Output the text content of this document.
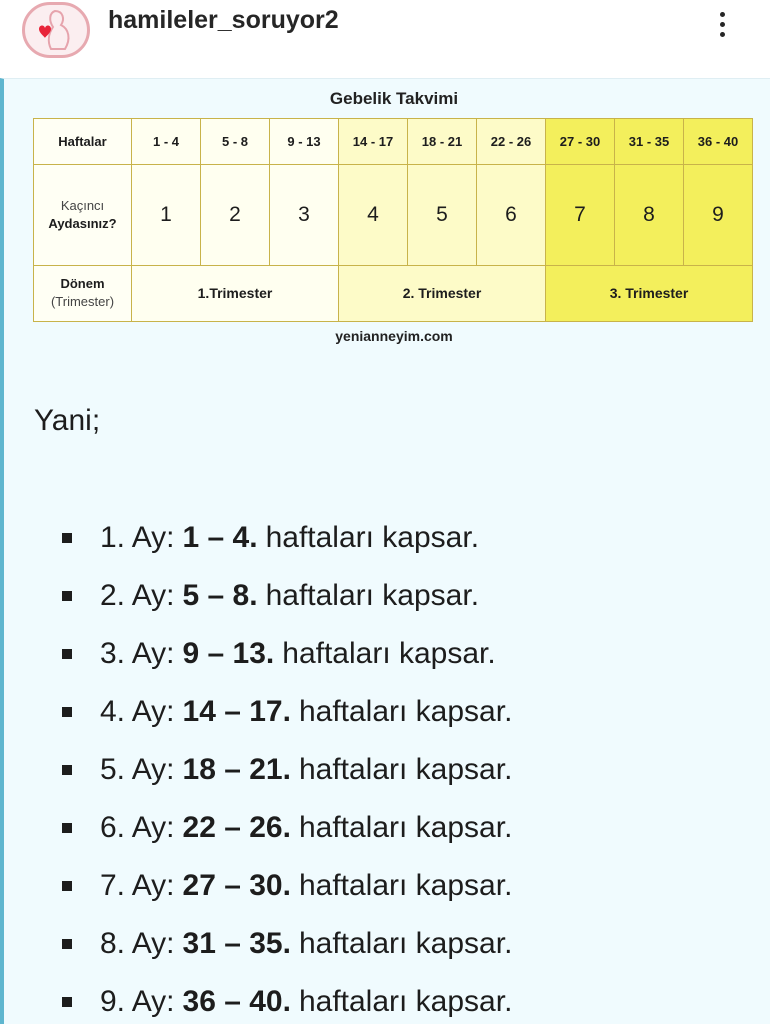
hamileler_soruyor2
Gebelik Takvimi
Haftalar	1 - 4	5 - 8	9 - 13	14 - 17	18 - 21	22 - 26	27 - 30	31 - 35	36 - 40

Kaçıncı
Aydasınız?	1	2	3	4	5	6	7	8	9

Dönem
(Trimester)	1.Trimester			2. Trimester			3. Trimester		
yenianneyim.com
Yani;
1. Ay: 1 – 4. haftaları kapsar.
2. Ay: 5 – 8. haftaları kapsar.
3. Ay: 9 – 13. haftaları kapsar.
4. Ay: 14 – 17. haftaları kapsar.
5. Ay: 18 – 21. haftaları kapsar.
6. Ay: 22 – 26. haftaları kapsar.
7. Ay: 27 – 30. haftaları kapsar.
8. Ay: 31 – 35. haftaları kapsar.
9. Ay: 36 – 40. haftaları kapsar.
